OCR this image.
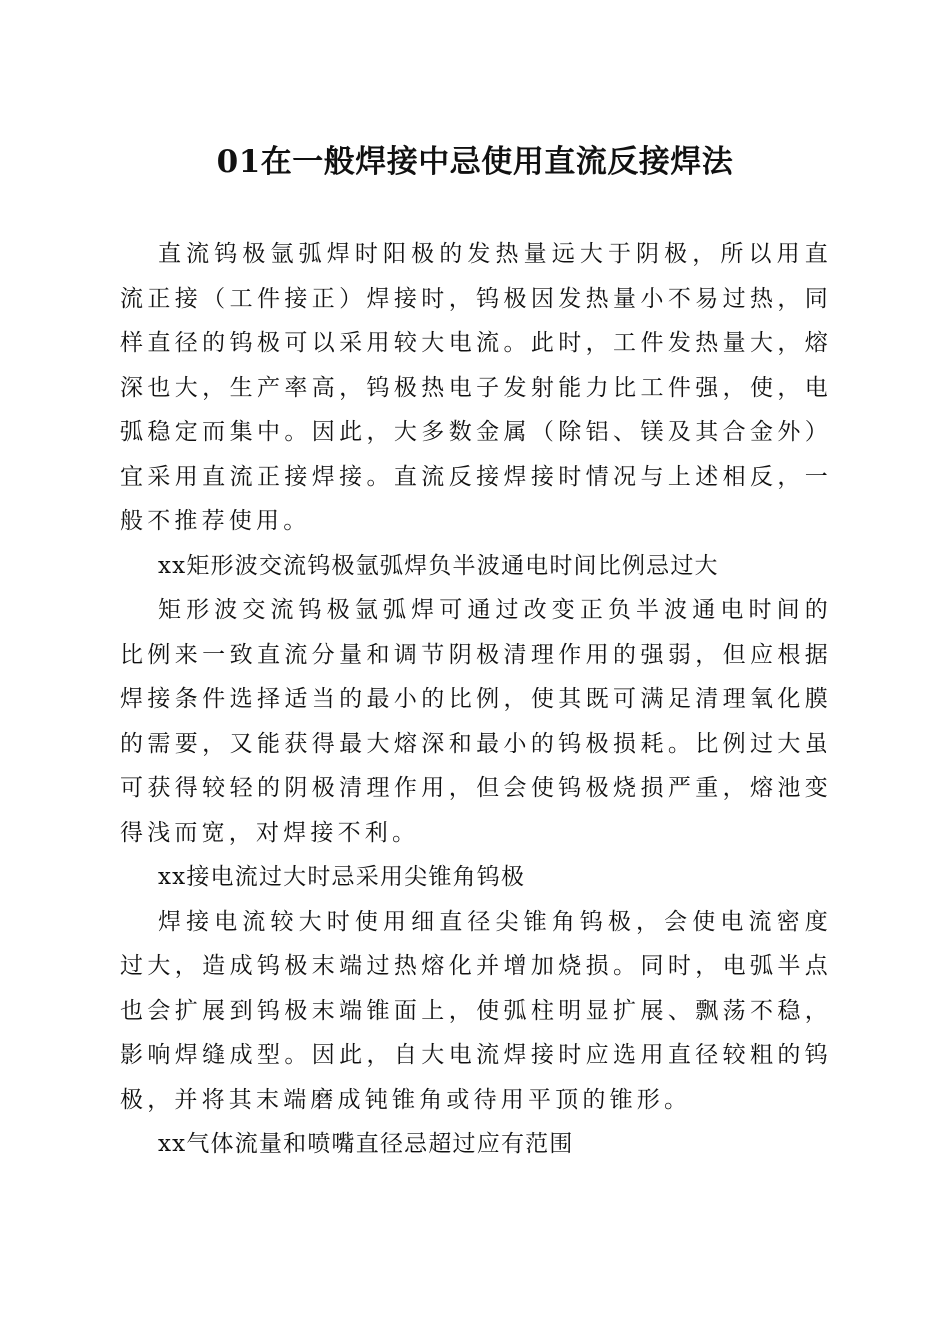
01在一般焊接中忌使用直流反接焊法

直流钨极氩弧焊时阳极的发热量远大于阴极，所以用直流正接（工件接正）焊接时，钨极因发热量小不易过热，同样直径的钨极可以采用较大电流。此时，工件发热量大，熔深也大，生产率高，钨极热电子发射能力比工件强，使，电弧稳定而集中。因此，大多数金属（除铝、镁及其合金外）宜采用直流正接焊接。直流反接焊接时情况与上述相反，一般不推荐使用。

xx矩形波交流钨极氩弧焊负半波通电时间比例忌过大

矩形波交流钨极氩弧焊可通过改变正负半波通电时间的比例来一致直流分量和调节阴极清理作用的强弱，但应根据焊接条件选择适当的最小的比例，使其既可满足清理氧化膜的需要，又能获得最大熔深和最小的钨极损耗。比例过大虽可获得较轻的阴极清理作用，但会使钨极烧损严重，熔池变得浅而宽，对焊接不利。

xx接电流过大时忌采用尖锥角钨极

焊接电流较大时使用细直径尖锥角钨极，会使电流密度过大，造成钨极末端过热熔化并增加烧损。同时，电弧半点也会扩展到钨极末端锥面上，使弧柱明显扩展、飘荡不稳，影响焊缝成型。因此，自大电流焊接时应选用直径较粗的钨极，并将其末端磨成钝锥角或待用平顶的锥形。

xx气体流量和喷嘴直径忌超过应有范围
